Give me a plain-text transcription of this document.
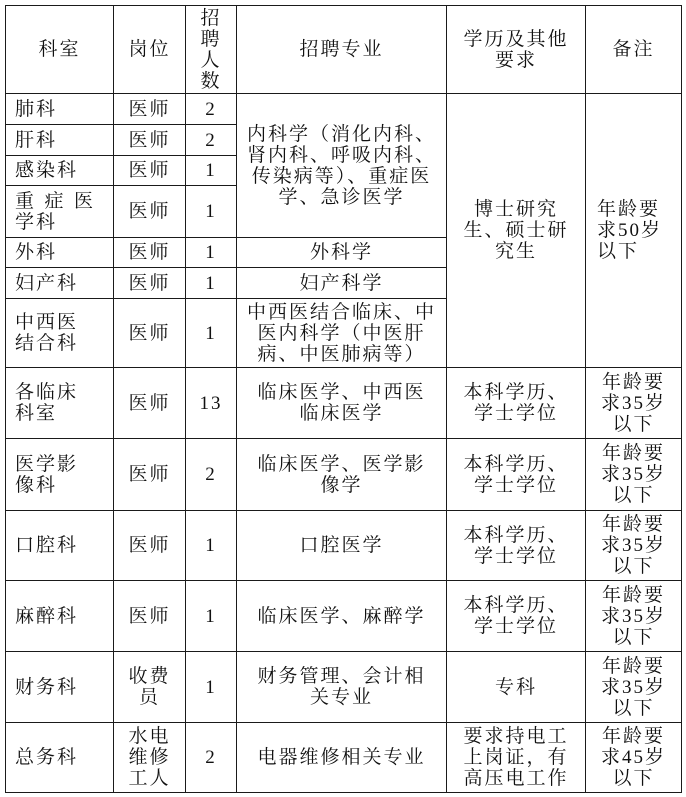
科室	岗位	招聘人数	招聘专业	学历及其他要求	备注

肺科	医师	2	内科学（消化内科、肾内科、呼吸内科、传染病等）、重症医学、急诊医学	博士研究生、硕士研究生	年龄要求50岁以下

肝科	医师	2			

感染科	医师	1			

重症医学科	医师	1			

外科	医师	1	外科学		

妇产科	医师	1	妇产科学		

中西医结合科	医师	1	中西医结合临床、中医内科学（中医肝病、中医肺病等）		

各临床科室	医师	13	临床医学、中西医临床医学	本科学历、学士学位	年龄要求35岁以下

医学影像科	医师	2	临床医学、医学影像学	本科学历、学士学位	年龄要求35岁以下

口腔科	医师	1	口腔医学	本科学历、学士学位	年龄要求35岁以下

麻醉科	医师	1	临床医学、麻醉学	本科学历、学士学位	年龄要求35岁以下

财务科	收费员	1	财务管理、会计相关专业	专科	年龄要求35岁以下

总务科	水电维修工人	2	电器维修相关专业	要求持电工上岗证，有高压电工作	年龄要求45岁以下
